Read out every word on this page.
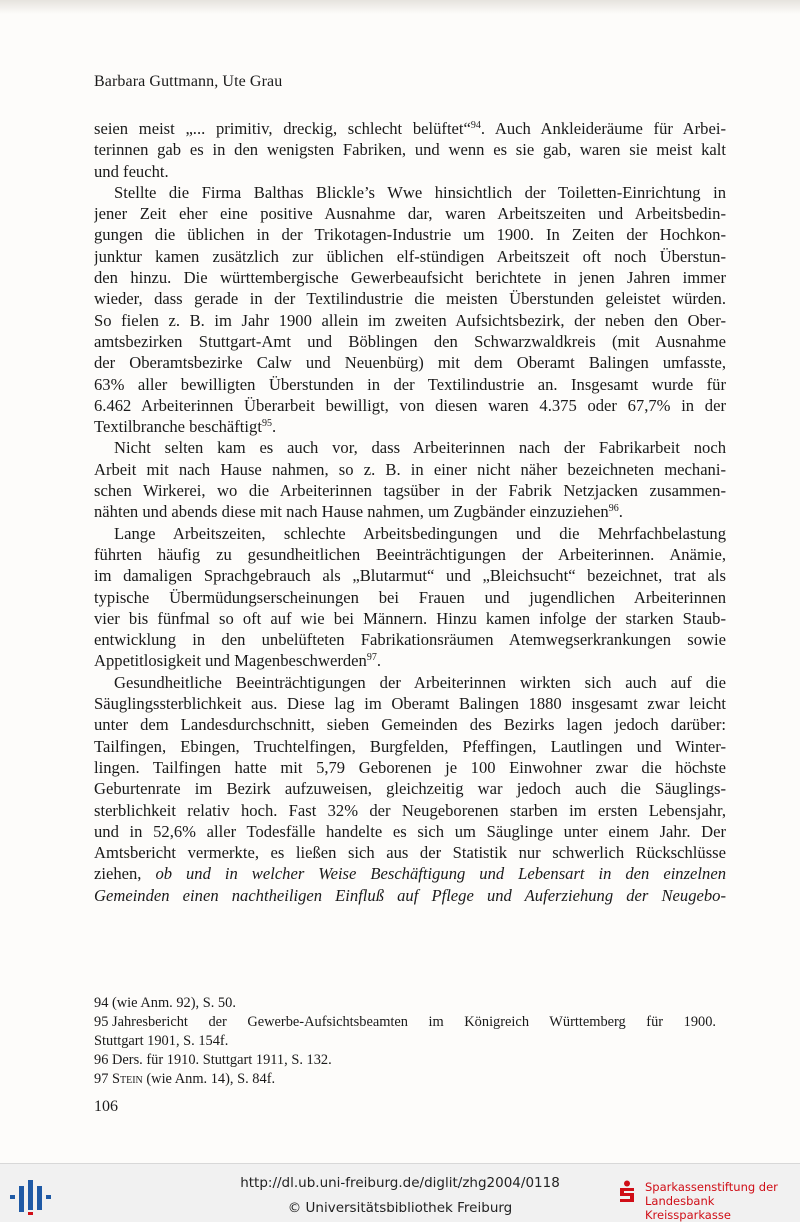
Barbara Guttmann, Ute Grau
seien meist „... primitiv, dreckig, schlecht belüftet“$^{94}$. Auch Ankleideräume für Arbei-
terinnen gab es in den wenigsten Fabriken, und wenn es sie gab, waren sie meist kalt
und feucht.
Stellte die Firma Balthas Blickle’s Wwe hinsichtlich der Toiletten-Einrichtung in
jener Zeit eher eine positive Ausnahme dar, waren Arbeitszeiten und Arbeitsbedin-
gungen die üblichen in der Trikotagen-Industrie um 1900. In Zeiten der Hochkon-
junktur kamen zusätzlich zur üblichen elf-stündigen Arbeitszeit oft noch Überstun-
den hinzu. Die württembergische Gewerbeaufsicht berichtete in jenen Jahren immer
wieder, dass gerade in der Textilindustrie die meisten Überstunden geleistet würden.
So fielen z. B. im Jahr 1900 allein im zweiten Aufsichtsbezirk, der neben den Ober-
amtsbezirken Stuttgart-Amt und Böblingen den Schwarzwaldkreis (mit Ausnahme
der Oberamtsbezirke Calw und Neuenbürg) mit dem Oberamt Balingen umfasste,
63% aller bewilligten Überstunden in der Textilindustrie an. Insgesamt wurde für
6.462 Arbeiterinnen Überarbeit bewilligt, von diesen waren 4.375 oder 67,7% in der
Textilbranche beschäftigt$^{95}$.
Nicht selten kam es auch vor, dass Arbeiterinnen nach der Fabrikarbeit noch
Arbeit mit nach Hause nahmen, so z. B. in einer nicht näher bezeichneten mechani-
schen Wirkerei, wo die Arbeiterinnen tagsüber in der Fabrik Netzjacken zusammen-
nähten und abends diese mit nach Hause nahmen, um Zugbänder einzuziehen$^{96}$.
Lange Arbeitszeiten, schlechte Arbeitsbedingungen und die Mehrfachbelastung
führten häufig zu gesundheitlichen Beeinträchtigungen der Arbeiterinnen. Anämie,
im damaligen Sprachgebrauch als „Blutarmut“ und „Bleichsucht“ bezeichnet, trat als
typische Übermüdungserscheinungen bei Frauen und jugendlichen Arbeiterinnen
vier bis fünfmal so oft auf wie bei Männern. Hinzu kamen infolge der starken Staub-
entwicklung in den unbelüfteten Fabrikationsräumen Atemwegserkrankungen sowie
Appetitlosigkeit und Magenbeschwerden$^{97}$.
Gesundheitliche Beeinträchtigungen der Arbeiterinnen wirkten sich auch auf die
Säuglingssterblichkeit aus. Diese lag im Oberamt Balingen 1880 insgesamt zwar leicht
unter dem Landesdurchschnitt, sieben Gemeinden des Bezirks lagen jedoch darüber:
Tailfingen, Ebingen, Truchtelfingen, Burgfelden, Pfeffingen, Lautlingen und Winter-
lingen. Tailfingen hatte mit 5,79 Geborenen je 100 Einwohner zwar die höchste
Geburtenrate im Bezirk aufzuweisen, gleichzeitig war jedoch auch die Säuglings-
sterblichkeit relativ hoch. Fast 32% der Neugeborenen starben im ersten Lebensjahr,
und in 52,6% aller Todesfälle handelte es sich um Säuglinge unter einem Jahr. Der
Amtsbericht vermerkte, es ließen sich aus der Statistik nur schwerlich Rückschlüsse
ziehen, ob und in welcher Weise Beschäftigung und Lebensart in den einzelnen
Gemeinden einen nachtheiligen Einfluß auf Pflege und Auferziehung der Neugebo-
94 (wie Anm. 92), S. 50.
95 Jahresbericht der Gewerbe-Aufsichtsbeamten im Königreich Württemberg für 1900.
Stuttgart 1901, S. 154f.
96 Ders. für 1910. Stuttgart 1911, S. 132.
97 Stein (wie Anm. 14), S. 84f.
106
http://dl.ub.uni-freiburg.de/diglit/zhg2004/0118
© Universitätsbibliothek Freiburg
Sparkassenstiftung der
Landesbank Kreissparkasse
